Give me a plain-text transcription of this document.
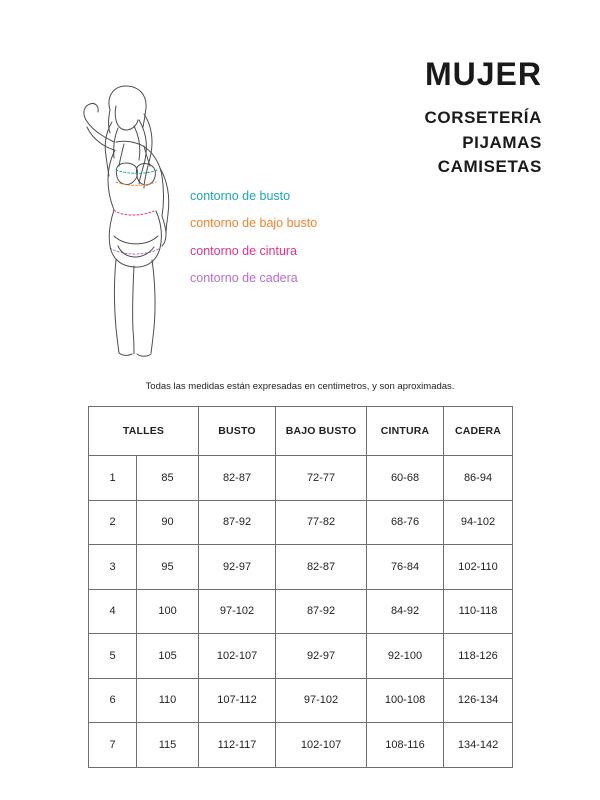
MUJER
CORSETERÍA
PIJAMAS
CAMISETAS
contorno de busto
contorno de bajo busto
contorno de cintura
contorno de cadera
Todas las medidas están expresadas en centimetros, y son aproximadas.
TALLES		BUSTO	BAJO BUSTO	CINTURA	CADERA
1	85	82-87	72-77	60-68	86-94
2	90	87-92	77-82	68-76	94-102
3	95	92-97	82-87	76-84	102-110
4	100	97-102	87-92	84-92	110-118
5	105	102-107	92-97	92-100	118-126
6	110	107-112	97-102	100-108	126-134
7	115	112-117	102-107	108-116	134-142
